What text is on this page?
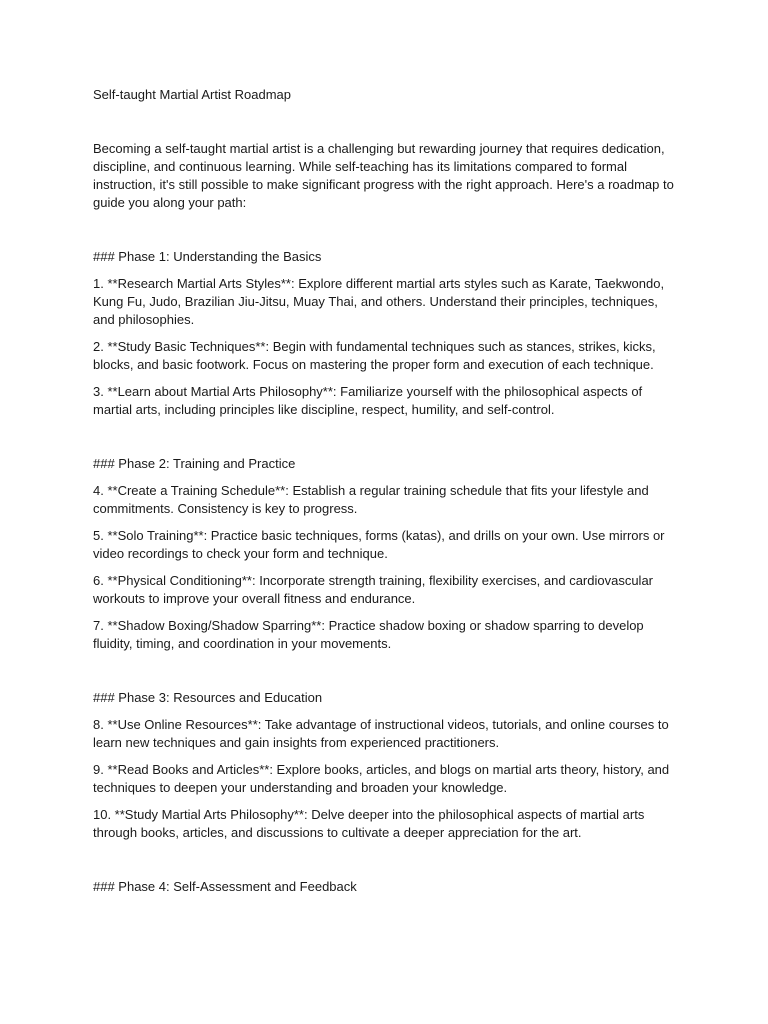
Self-taught Martial Artist Roadmap

Becoming a self-taught martial artist is a challenging but rewarding journey that requires dedication, discipline, and continuous learning. While self-teaching has its limitations compared to formal instruction, it's still possible to make significant progress with the right approach. Here's a roadmap to guide you along your path:

### Phase 1: Understanding the Basics

1. **Research Martial Arts Styles**: Explore different martial arts styles such as Karate, Taekwondo, Kung Fu, Judo, Brazilian Jiu-Jitsu, Muay Thai, and others. Understand their principles, techniques, and philosophies.

2. **Study Basic Techniques**: Begin with fundamental techniques such as stances, strikes, kicks, blocks, and basic footwork. Focus on mastering the proper form and execution of each technique.

3. **Learn about Martial Arts Philosophy**: Familiarize yourself with the philosophical aspects of martial arts, including principles like discipline, respect, humility, and self-control.

### Phase 2: Training and Practice

4. **Create a Training Schedule**: Establish a regular training schedule that fits your lifestyle and commitments. Consistency is key to progress.

5. **Solo Training**: Practice basic techniques, forms (katas), and drills on your own. Use mirrors or video recordings to check your form and technique.

6. **Physical Conditioning**: Incorporate strength training, flexibility exercises, and cardiovascular workouts to improve your overall fitness and endurance.

7. **Shadow Boxing/Shadow Sparring**: Practice shadow boxing or shadow sparring to develop fluidity, timing, and coordination in your movements.

### Phase 3: Resources and Education

8. **Use Online Resources**: Take advantage of instructional videos, tutorials, and online courses to learn new techniques and gain insights from experienced practitioners.

9. **Read Books and Articles**: Explore books, articles, and blogs on martial arts theory, history, and techniques to deepen your understanding and broaden your knowledge.

10. **Study Martial Arts Philosophy**: Delve deeper into the philosophical aspects of martial arts through books, articles, and discussions to cultivate a deeper appreciation for the art.

### Phase 4: Self-Assessment and Feedback
